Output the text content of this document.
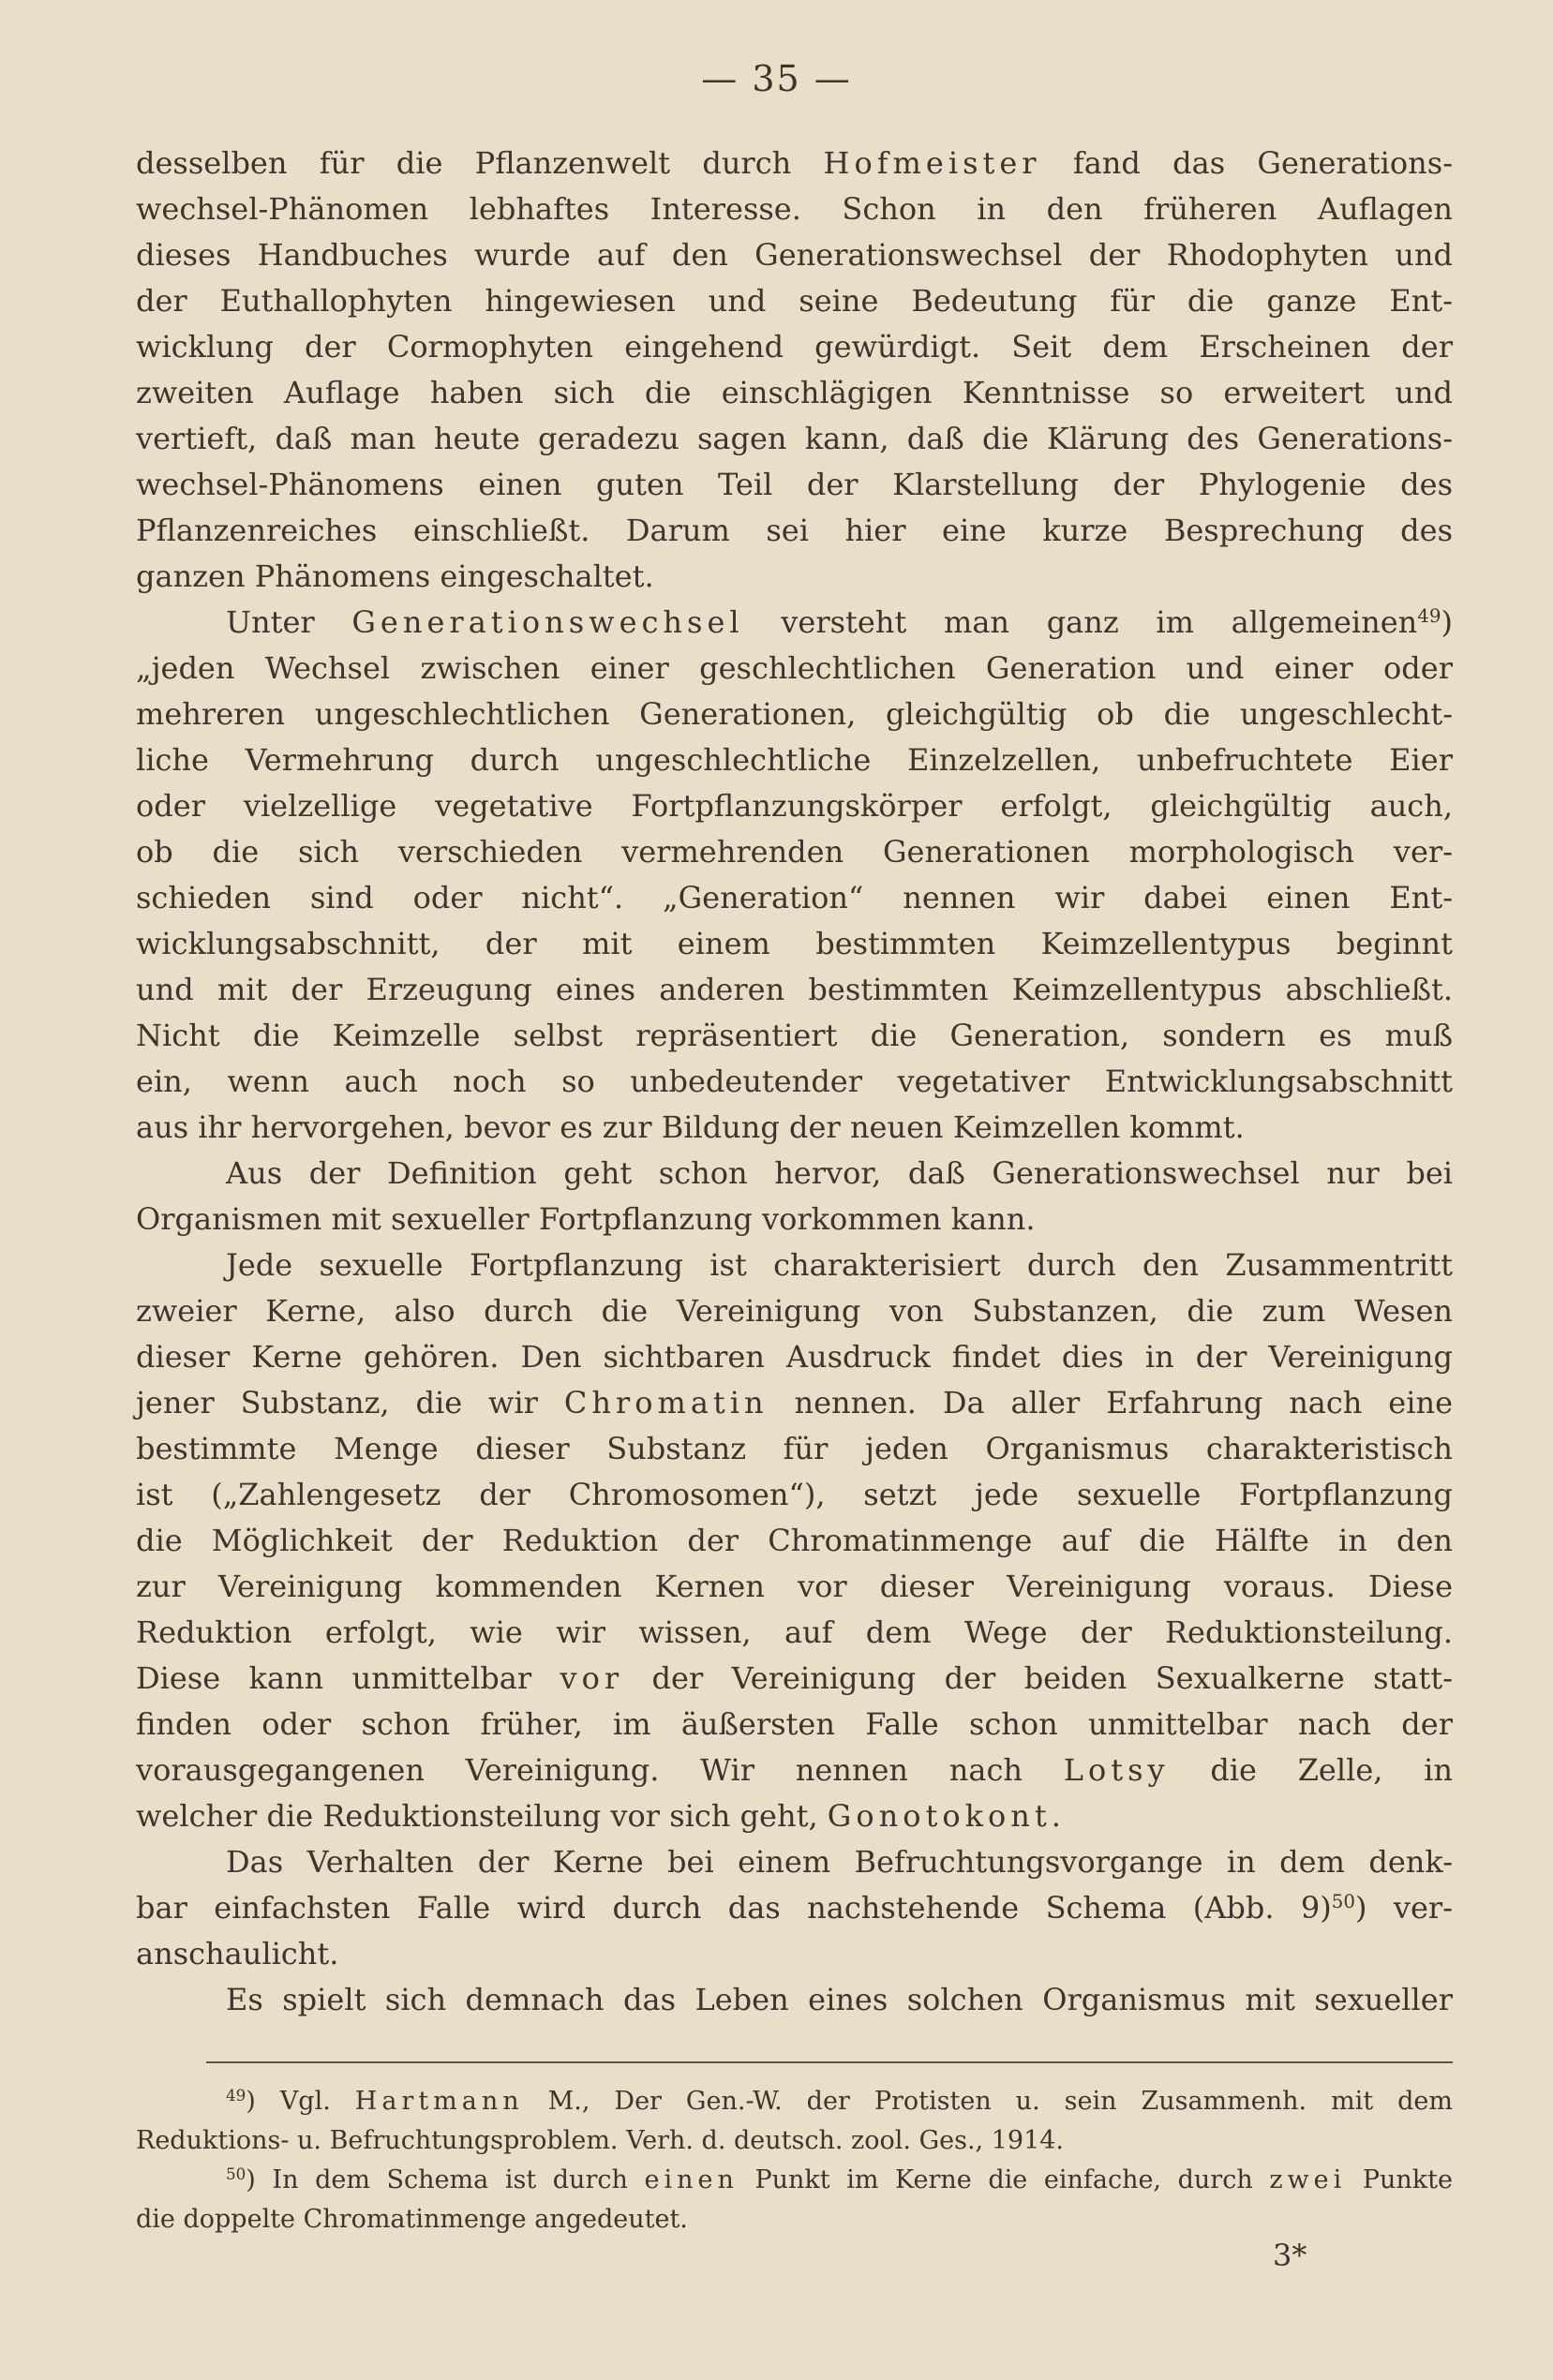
— 35 —
desselben für die Pflanzenwelt durch Hofmeister fand das Generations-
wechsel-Phänomen lebhaftes Interesse. Schon in den früheren Auflagen
dieses Handbuches wurde auf den Generationswechsel der Rhodophyten und
der Euthallophyten hingewiesen und seine Bedeutung für die ganze Ent-
wicklung der Cormophyten eingehend gewürdigt. Seit dem Erscheinen der
zweiten Auflage haben sich die einschlägigen Kenntnisse so erweitert und
vertieft, daß man heute geradezu sagen kann, daß die Klärung des Generations-
wechsel-Phänomens einen guten Teil der Klarstellung der Phylogenie des
Pflanzenreiches einschließt. Darum sei hier eine kurze Besprechung des
ganzen Phänomens eingeschaltet.
Unter Generationswechsel versteht man ganz im allgemeinen$^{49}$)
„jeden Wechsel zwischen einer geschlechtlichen Generation und einer oder
mehreren ungeschlechtlichen Generationen, gleichgültig ob die ungeschlecht-
liche Vermehrung durch ungeschlechtliche Einzelzellen, unbefruchtete Eier
oder vielzellige vegetative Fortpflanzungskörper erfolgt, gleichgültig auch,
ob die sich verschieden vermehrenden Generationen morphologisch ver-
schieden sind oder nicht“. „Generation“ nennen wir dabei einen Ent-
wicklungsabschnitt, der mit einem bestimmten Keimzellentypus beginnt
und mit der Erzeugung eines anderen bestimmten Keimzellentypus abschließt.
Nicht die Keimzelle selbst repräsentiert die Generation, sondern es muß
ein, wenn auch noch so unbedeutender vegetativer Entwicklungsabschnitt
aus ihr hervorgehen, bevor es zur Bildung der neuen Keimzellen kommt.
Aus der Definition geht schon hervor, daß Generationswechsel nur bei
Organismen mit sexueller Fortpflanzung vorkommen kann.
Jede sexuelle Fortpflanzung ist charakterisiert durch den Zusammentritt
zweier Kerne, also durch die Vereinigung von Substanzen, die zum Wesen
dieser Kerne gehören. Den sichtbaren Ausdruck findet dies in der Vereinigung
jener Substanz, die wir Chromatin nennen. Da aller Erfahrung nach eine
bestimmte Menge dieser Substanz für jeden Organismus charakteristisch
ist („Zahlengesetz der Chromosomen“), setzt jede sexuelle Fortpflanzung
die Möglichkeit der Reduktion der Chromatinmenge auf die Hälfte in den
zur Vereinigung kommenden Kernen vor dieser Vereinigung voraus. Diese
Reduktion erfolgt, wie wir wissen, auf dem Wege der Reduktionsteilung.
Diese kann unmittelbar vor der Vereinigung der beiden Sexualkerne statt-
finden oder schon früher, im äußersten Falle schon unmittelbar nach der
vorausgegangenen Vereinigung. Wir nennen nach Lotsy die Zelle, in
welcher die Reduktionsteilung vor sich geht, Gonotokont.
Das Verhalten der Kerne bei einem Befruchtungsvorgange in dem denk-
bar einfachsten Falle wird durch das nachstehende Schema (Abb. 9)$^{50}$) ver-
anschaulicht.
Es spielt sich demnach das Leben eines solchen Organismus mit sexueller
$^{49}$) Vgl. Hartmann M., Der Gen.-W. der Protisten u. sein Zusammenh. mit dem
Reduktions- u. Befruchtungsproblem. Verh. d. deutsch. zool. Ges., 1914.
$^{50}$) In dem Schema ist durch einen Punkt im Kerne die einfache, durch zwei Punkte
die doppelte Chromatinmenge angedeutet.
3*
